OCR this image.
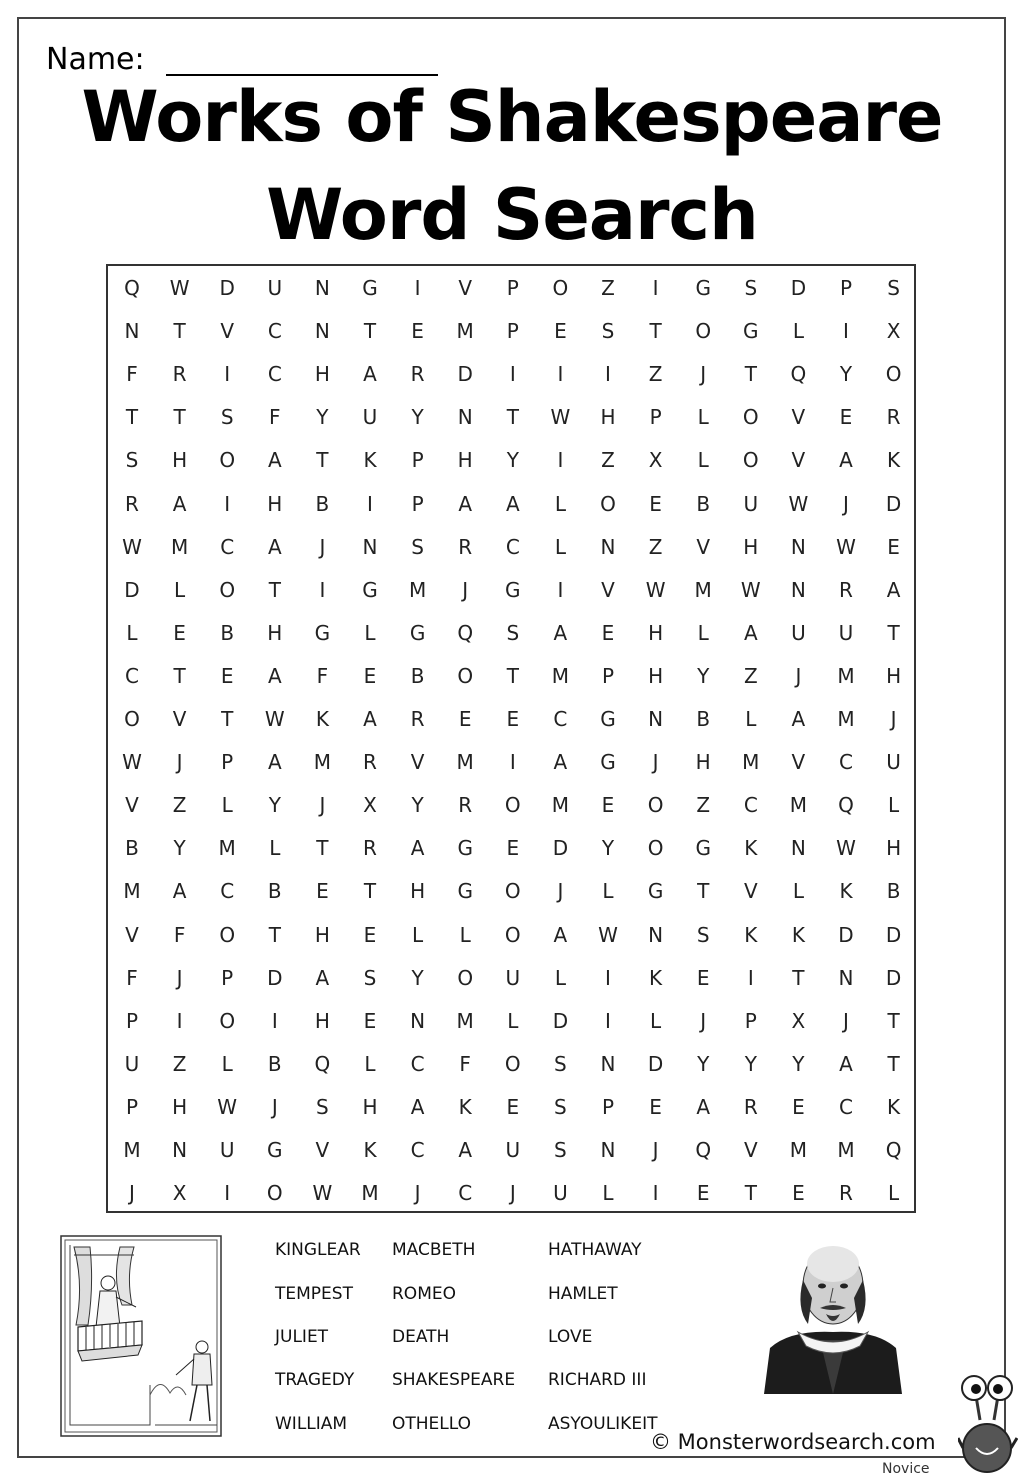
Name:
Works of Shakespeare
Word Search
Q	W	D	U	N	G	I	V	P	O	Z	I	G	S	D	P	S
N	T	V	C	N	T	E	M	P	E	S	T	O	G	L	I	X
F	R	I	C	H	A	R	D	I	I	I	Z	J	T	Q	Y	O
T	T	S	F	Y	U	Y	N	T	W	H	P	L	O	V	E	R
S	H	O	A	T	K	P	H	Y	I	Z	X	L	O	V	A	K
R	A	I	H	B	I	P	A	A	L	O	E	B	U	W	J	D
W	M	C	A	J	N	S	R	C	L	N	Z	V	H	N	W	E
D	L	O	T	I	G	M	J	G	I	V	W	M	W	N	R	A
L	E	B	H	G	L	G	Q	S	A	E	H	L	A	U	U	T
C	T	E	A	F	E	B	O	T	M	P	H	Y	Z	J	M	H
O	V	T	W	K	A	R	E	E	C	G	N	B	L	A	M	J
W	J	P	A	M	R	V	M	I	A	G	J	H	M	V	C	U
V	Z	L	Y	J	X	Y	R	O	M	E	O	Z	C	M	Q	L
B	Y	M	L	T	R	A	G	E	D	Y	O	G	K	N	W	H
M	A	C	B	E	T	H	G	O	J	L	G	T	V	L	K	B
V	F	O	T	H	E	L	L	O	A	W	N	S	K	K	D	D
F	J	P	D	A	S	Y	O	U	L	I	K	E	I	T	N	D
P	I	O	I	H	E	N	M	L	D	I	L	J	P	X	J	T
U	Z	L	B	Q	L	C	F	O	S	N	D	Y	Y	Y	A	T
P	H	W	J	S	H	A	K	E	S	P	E	A	R	E	C	K
M	N	U	G	V	K	C	A	U	S	N	J	Q	V	M	M	Q
J	X	I	O	W	M	J	C	J	U	L	I	E	T	E	R	L
KINGLEAR
TEMPEST
JULIET
TRAGEDY
WILLIAM
MACBETH
ROMEO
DEATH
SHAKESPEARE
OTHELLO
HATHAWAY
HAMLET
LOVE
RICHARD III
ASYOULIKEIT
© Monsterwordsearch.com
Novice
